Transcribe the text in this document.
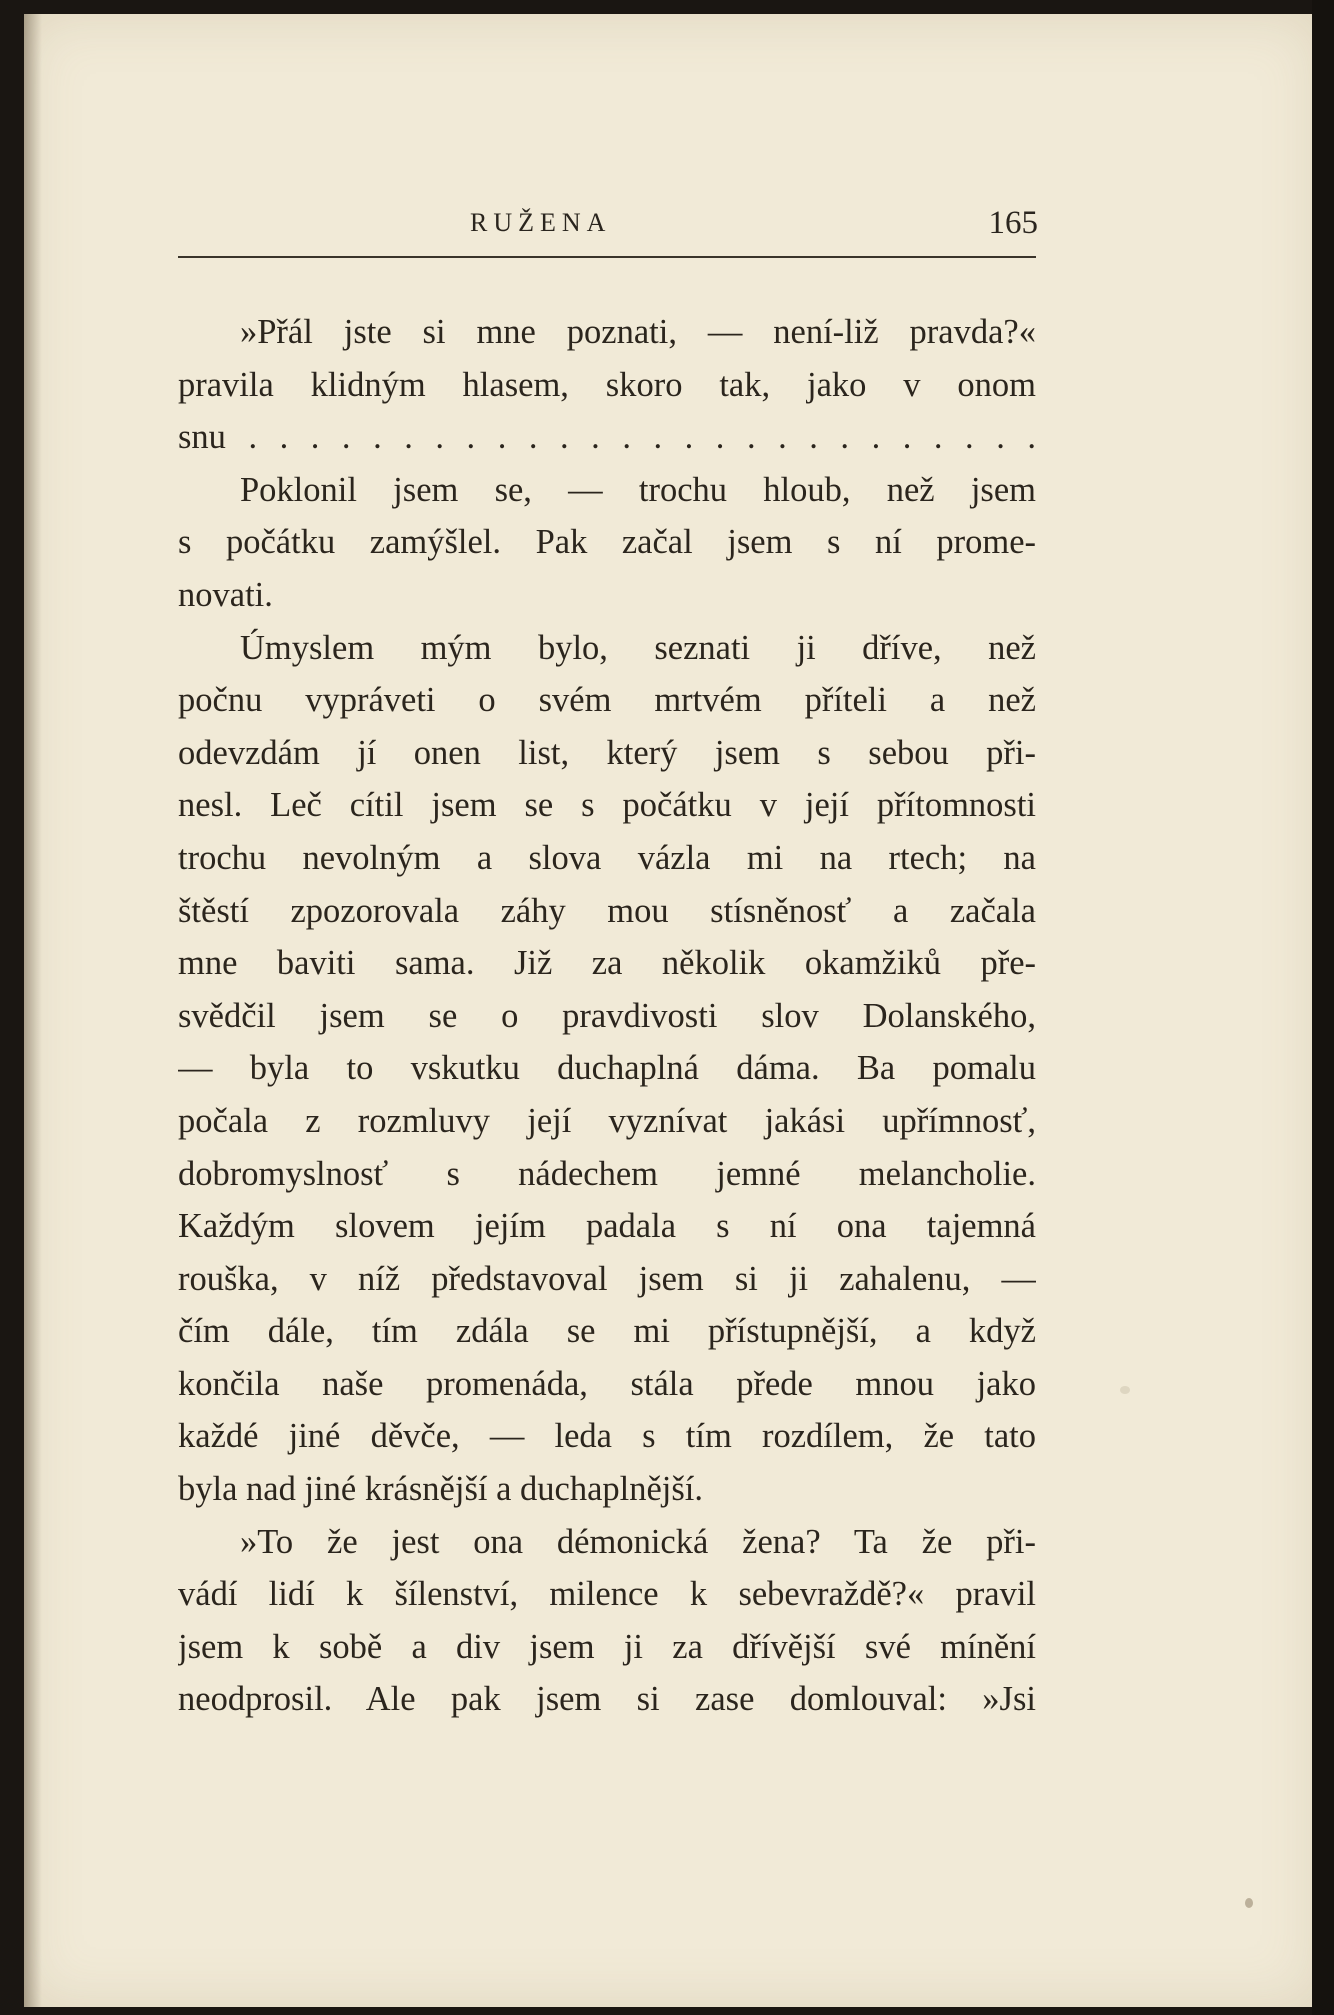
RUŽENA	165
»Přál jste si mne poznati, — není-liž pravda?«
pravila klidným hlasem, skoro tak, jako v onom
snu . . . . . . . . . . . . . . . . . . . . . . . . . .
Poklonil jsem se, — trochu hloub, než jsem
s počátku zamýšlel. Pak začal jsem s ní prome-
novati.
Úmyslem mým bylo, seznati ji dříve, než
počnu vypráveti o svém mrtvém příteli a než
odevzdám jí onen list, který jsem s sebou při-
nesl. Leč cítil jsem se s počátku v její přítomnosti
trochu nevolným a slova vázla mi na rtech; na
štěstí zpozorovala záhy mou stísněnosť a začala
mne baviti sama. Již za několik okamžiků pře-
svědčil jsem se o pravdivosti slov Dolanského,
— byla to vskutku duchaplná dáma. Ba pomalu
počala z rozmluvy její vyznívat jakási upřímnosť,
dobromyslnosť s nádechem jemné melancholie.
Každým slovem jejím padala s ní ona tajemná
rouška, v níž představoval jsem si ji zahalenu, —
čím dále, tím zdála se mi přístupnější, a když
končila naše promenáda, stála přede mnou jako
každé jiné děvče, — leda s tím rozdílem, že tato
byla nad jiné krásnější a duchaplnější.
»To že jest ona démonická žena? Ta že při-
vádí lidí k šílenství, milence k sebevraždě?« pravil
jsem k sobě a div jsem ji za dřívější své mínění
neodprosil. Ale pak jsem si zase domlouval: »Jsi
